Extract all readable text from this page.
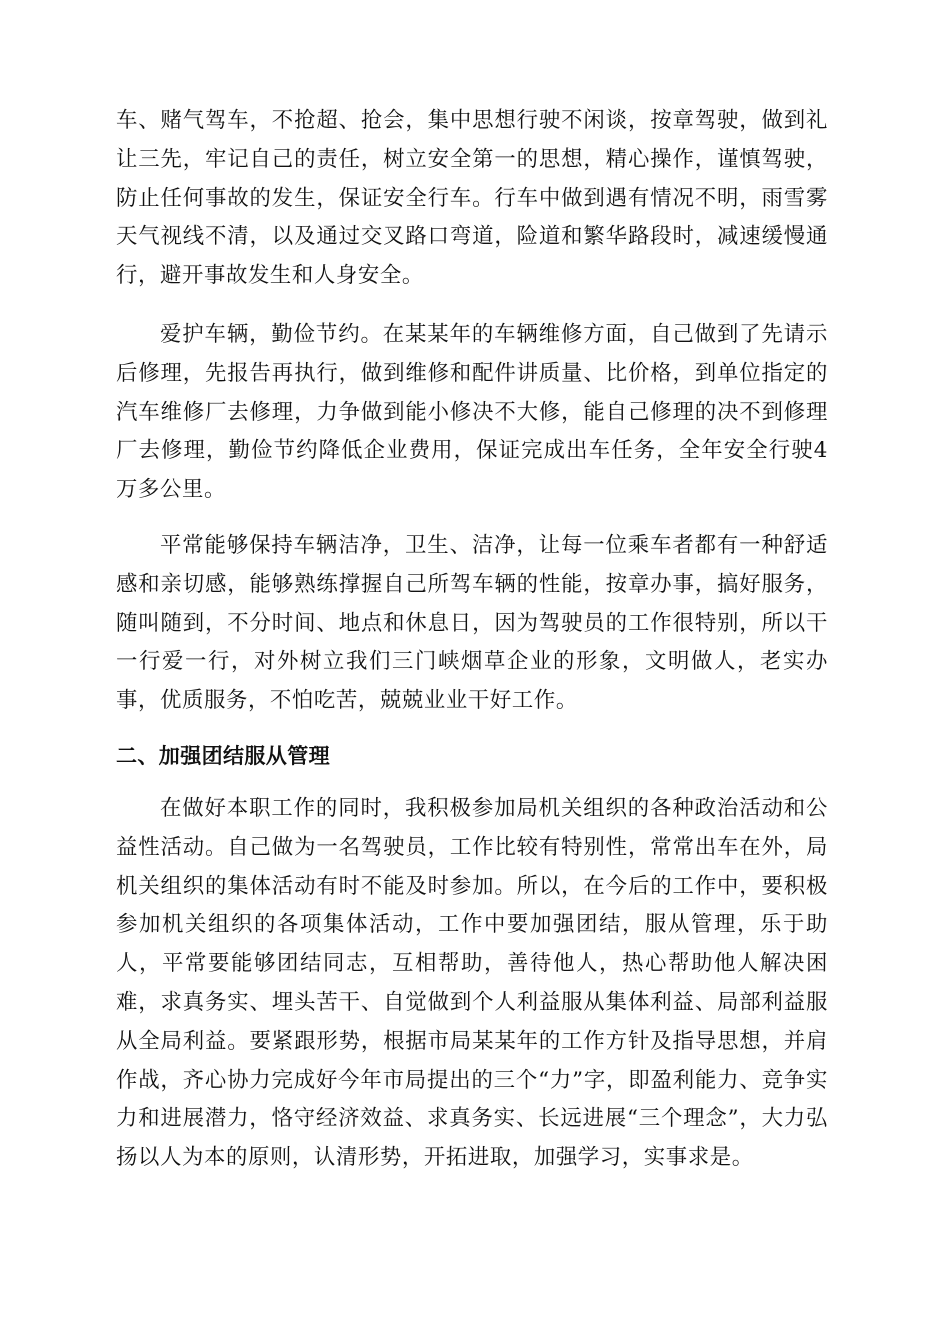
车、赌气驾车，不抢超、抢会，集中思想行驶不闲谈，按章驾驶，做到礼让三先，牢记自己的责任，树立安全第一的思想，精心操作，谨慎驾驶，防止任何事故的发生，保证安全行车。行车中做到遇有情况不明，雨雪雾天气视线不清，以及通过交叉路口弯道，险道和繁华路段时，减速缓慢通行，避开事故发生和人身安全。

爱护车辆，勤俭节约。在某某年的车辆维修方面，自己做到了先请示后修理，先报告再执行，做到维修和配件讲质量、比价格，到单位指定的汽车维修厂去修理，力争做到能小修决不大修，能自己修理的决不到修理厂去修理，勤俭节约降低企业费用，保证完成出车任务，全年安全行驶4万多公里。

平常能够保持车辆洁净，卫生、洁净，让每一位乘车者都有一种舒适感和亲切感，能够熟练撑握自己所驾车辆的性能，按章办事，搞好服务，随叫随到，不分时间、地点和休息日，因为驾驶员的工作很特别，所以干一行爱一行，对外树立我们三门峡烟草企业的形象，文明做人，老实办事，优质服务，不怕吃苦，兢兢业业干好工作。

二、加强团结服从管理

在做好本职工作的同时，我积极参加局机关组织的各种政治活动和公益性活动。自己做为一名驾驶员，工作比较有特别性，常常出车在外，局机关组织的集体活动有时不能及时参加。所以，在今后的工作中，要积极参加机关组织的各项集体活动，工作中要加强团结，服从管理，乐于助人，平常要能够团结同志，互相帮助，善待他人，热心帮助他人解决困难，求真务实、埋头苦干、自觉做到个人利益服从集体利益、局部利益服从全局利益。要紧跟形势，根据市局某某年的工作方针及指导思想，并肩作战，齐心协力完成好今年市局提出的三个“力”字，即盈利能力、竞争实力和进展潜力，恪守经济效益、求真务实、长远进展“三个理念”，大力弘扬以人为本的原则，认清形势，开拓进取，加强学习，实事求是。
